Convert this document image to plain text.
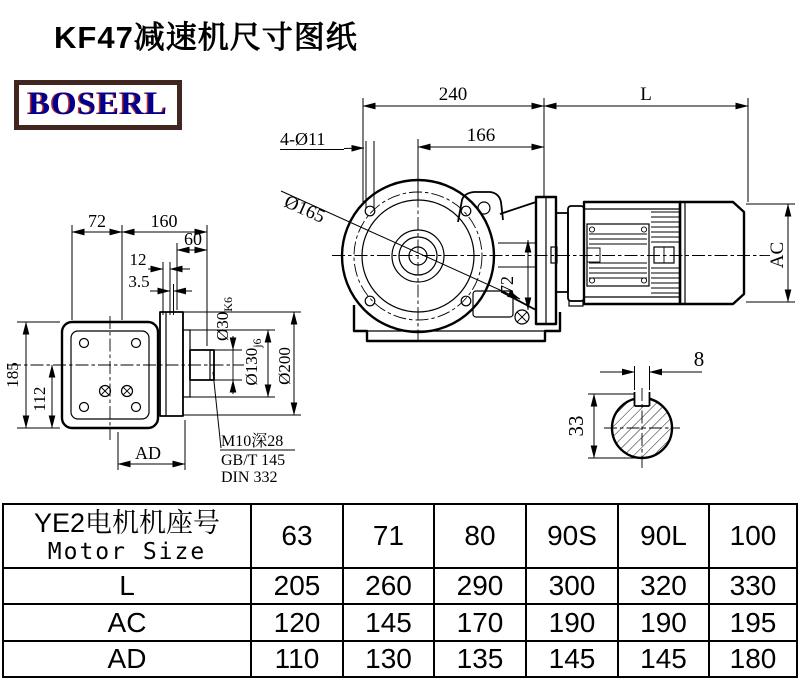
KF47减速机尺寸图纸
BOSERL	240	L
166
4-Ø11
Ø165
72
AC
72 160
60
12
3.5
$Ø30_{K6}$
$Ø130_{j6}$
Ø200
185
112
AD
M10深28
GB/T 145
DIN 332
8
33
YE2电机机座号
Motor Size	63	71	80	90S	90L	100
L	205	260	290	300	320	330
AC	120	145	170	190	190	195
AD	110	130	135	145	145	180
